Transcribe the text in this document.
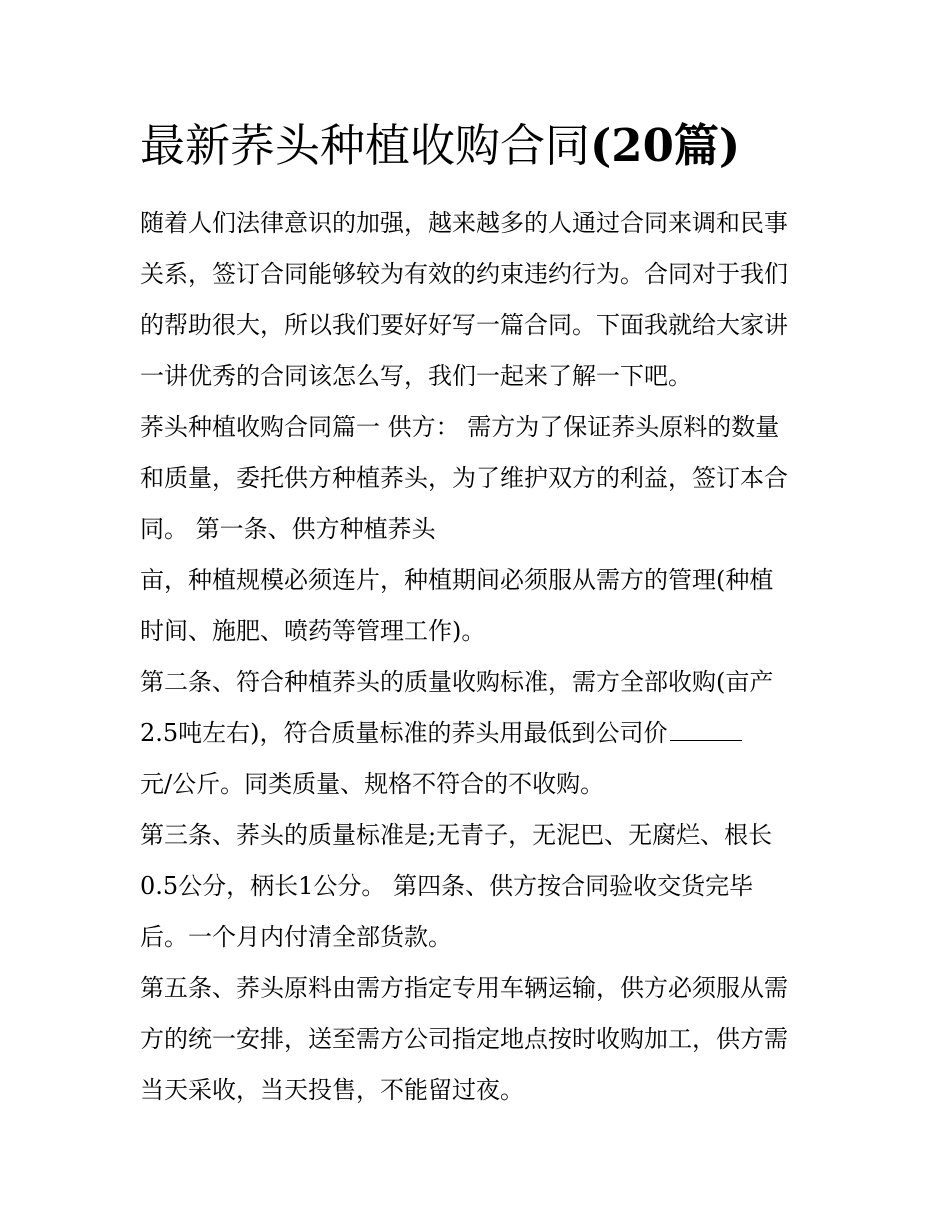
最新荞头种植收购合同(20篇)
随着人们法律意识的加强，越来越多的人通过合同来调和民事
关系，签订合同能够较为有效的约束违约行为。合同对于我们
的帮助很大，所以我们要好好写一篇合同。下面我就给大家讲
一讲优秀的合同该怎么写，我们一起来了解一下吧。
荞头种植收购合同篇一 供方： 需方为了保证荞头原料的数量
和质量，委托供方种植荞头，为了维护双方的利益，签订本合
同。 第一条、供方种植荞头
亩，种植规模必须连片，种植期间必须服从需方的管理(种植
时间、施肥、喷药等管理工作)。
第二条、符合种植荞头的质量收购标准，需方全部收购(亩产
2.5吨左右)，符合质量标准的荞头用最低到公司价
元/公斤。同类质量、规格不符合的不收购。
第三条、荞头的质量标准是;无青子，无泥巴、无腐烂、根长
0.5公分，柄长1公分。 第四条、供方按合同验收交货完毕
后。一个月内付清全部货款。
第五条、荞头原料由需方指定专用车辆运输，供方必须服从需
方的统一安排，送至需方公司指定地点按时收购加工，供方需
当天采收，当天投售，不能留过夜。
